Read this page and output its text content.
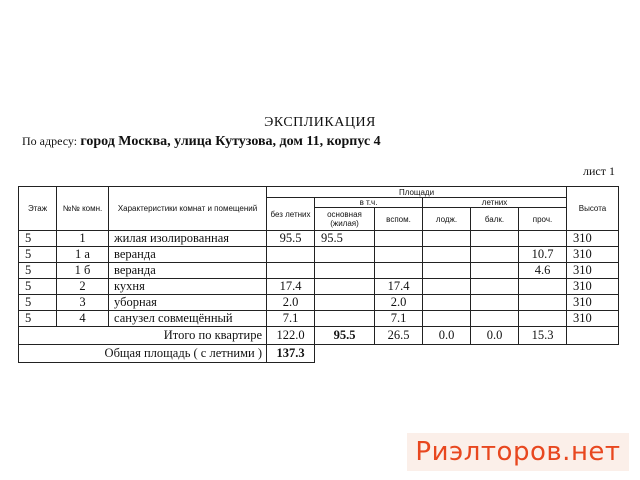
ЭКСПЛИКАЦИЯ
По адресу: город Москва, улица Кутузова, дом 11, корпус 4
лист 1
Этаж	№№ комн.	Характеристики комнат и помещений	Площади						Высота
			без летних	в т.ч.		летних			
				основная (жилая)	вспом.	лодж.	балк.	проч.	
5	1	жилая изолированная	95.5	95.5					310
5	1 а	веранда						10.7	310
5	1 б	веранда						4.6	310
5	2	кухня	17.4		17.4				310
5	3	уборная	2.0		2.0				310
5	4	санузел совмещённый	7.1		7.1				310
Итого по квартире			122.0	95.5	26.5	0.0	0.0	15.3	
Общая площадь ( с летними )			137.3						
Риэлторов.нет
